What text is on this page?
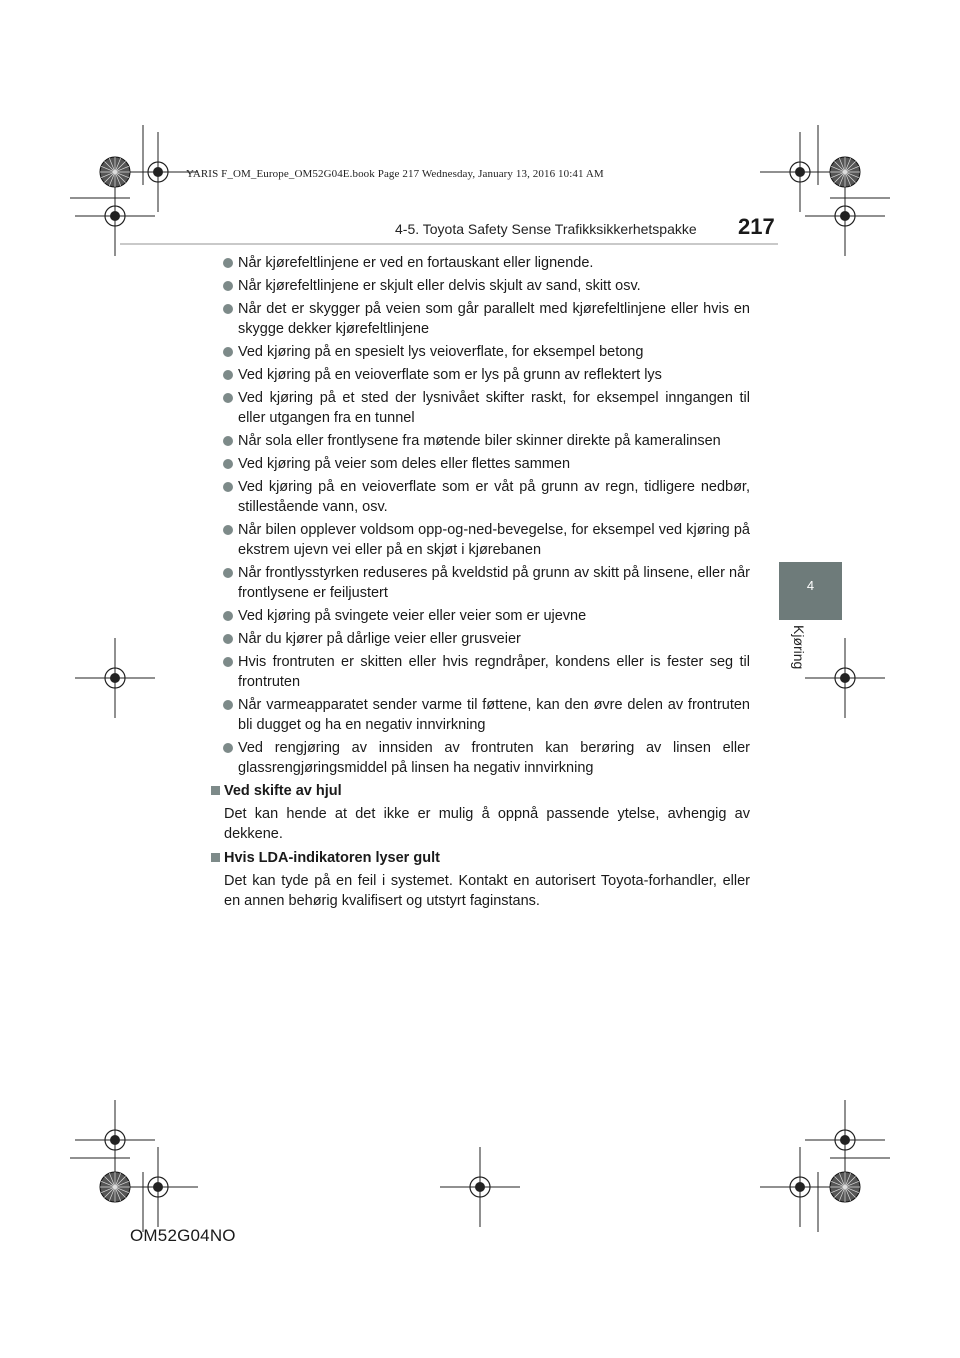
YARIS F_OM_Europe_OM52G04E.book Page 217 Wednesday, January 13, 2016 10:41 AM
4-5. Toyota Safety Sense Trafikksikkerhetspakke 217
4
Kjøring
Når kjørefeltlinjene er ved en fortauskant eller lignende.
Når kjørefeltlinjene er skjult eller delvis skjult av sand, skitt osv.
Når det er skygger på veien som går parallelt med kjørefeltlinjene eller hvis en skygge dekker kjørefeltlinjene
Ved kjøring på en spesielt lys veioverflate, for eksempel betong
Ved kjøring på en veioverflate som er lys på grunn av reflektert lys
Ved kjøring på et sted der lysnivået skifter raskt, for eksempel inngangen til eller utgangen fra en tunnel
Når sola eller frontlysene fra møtende biler skinner direkte på kameralinsen
Ved kjøring på veier som deles eller flettes sammen
Ved kjøring på en veioverflate som er våt på grunn av regn, tidligere nedbør, stillestående vann, osv.
Når bilen opplever voldsom opp-og-ned-bevegelse, for eksempel ved kjøring på ekstrem ujevn vei eller på en skjøt i kjørebanen
Når frontlysstyrken reduseres på kveldstid på grunn av skitt på linsene, eller når frontlysene er feiljustert
Ved kjøring på svingete veier eller veier som er ujevne
Når du kjører på dårlige veier eller grusveier
Hvis frontruten er skitten eller hvis regndråper, kondens eller is fester seg til frontruten
Når varmeapparatet sender varme til føttene, kan den øvre delen av frontruten bli dugget og ha en negativ innvirkning
Ved rengjøring av innsiden av frontruten kan berøring av linsen eller glassrengjøringsmiddel på linsen ha negativ innvirkning
Ved skifte av hjul
Det kan hende at det ikke er mulig å oppnå passende ytelse, avhengig av dekkene.
Hvis LDA-indikatoren lyser gult
Det kan tyde på en feil i systemet. Kontakt en autorisert Toyota-forhandler, eller en annen behørig kvalifisert og utstyrt faginstans.
OM52G04NO
